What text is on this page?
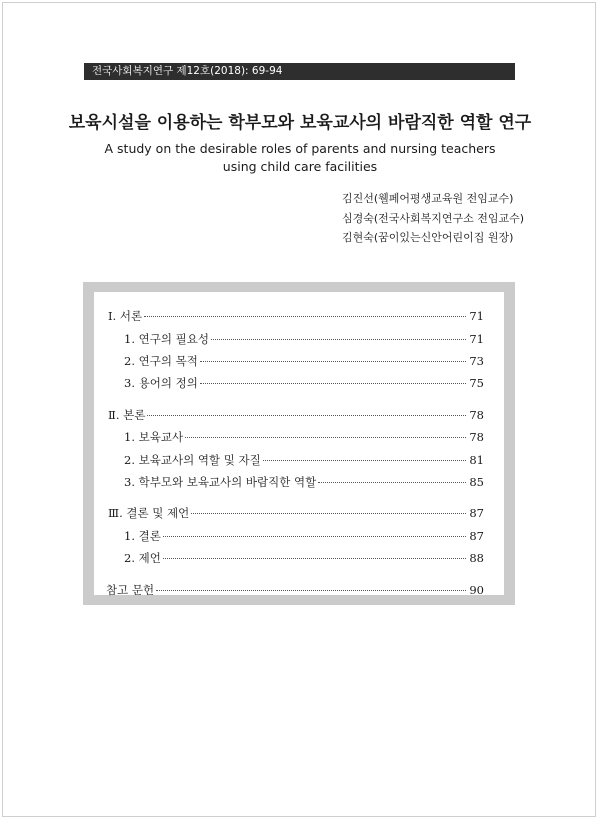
전국사회복지연구 제12호(2018): 69-94
보육시설을 이용하는 학부모와 보육교사의 바람직한 역할 연구
A study on the desirable roles of parents and nursing teachers using child care facilities
김진선(웰페어평생교육원 전임교수)
심경숙(전국사회복지연구소 전임교수)
김현숙(꿈이있는신안어린이집 원장)
Ⅰ. 서론	71
1. 연구의 필요성	71
2. 연구의 목적	73
3. 용어의 정의	75
Ⅱ. 본론	78
1. 보육교사	78
2. 보육교사의 역할 및 자질	81
3. 학부모와 보육교사의 바람직한 역할	85
Ⅲ. 결론 및 제언	87
1. 결론	87
2. 제언	88
참고 문헌	90
